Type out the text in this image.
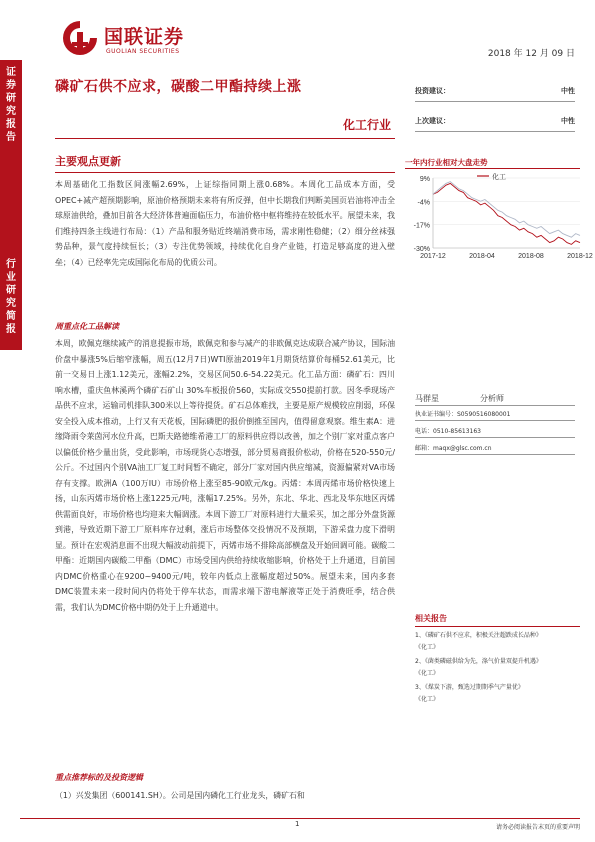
国联证券
GUOLIAN SECURITIES	2018 年 12 月 09 日
证券研究报告
行业研究简报
磷矿石供不应求，碳酸二甲酯持续上涨
化工行业
投资建议：	中性
上次建议：	中性
主要观点更新
本周基础化工指数区间涨幅2.69%，上证综指同期上涨0.68%。本周化工品成本方面，受OPEC+减产超预期影响，原油价格预期未来将有所反弹，但中长期我们判断美国页岩油将冲击全球原油供给，叠加目前各大经济体普遍面临压力，布油价格中枢将维持在较低水平。展望未来，我们维持四条主线进行布局：（1）产品和服务贴近终端消费市场，需求刚性稳健；（2）细分丝袜强势品种，景气度持续恒长；（3）专注优势领域，持续优化自身产业链，打造足够高度的进入壁垒；（4）已经率先完成国际化布局的优质公司。
周重点化工品解读
本周，欧佩克继续减产的消息提振市场，欧佩克和参与减产的非欧佩克达成联合减产协议，国际油价盘中暴涨5%后缩窄涨幅，周五(12月7日)WTI原油2019年1月期货结算价每桶52.61美元，比前一交易日上涨1.12美元，涨幅2.2%，交易区间50.6-54.22美元。化工品方面：磷矿石：四川响水槽，重庆鱼林溪两个磷矿石矿山 30%车板报价560，实际成交550提前打款。因冬季现场产品供不应求，运输司机排队300米以上等待提货。矿石总体难找，主要是原产规模较应削弱，环保安全投入成本推动，上行又有天花板，国际磷肥的报价倒推至国内，值得留意观察。维生素A：进缘降雨令莱茵河水位升高，巴斯夫路德维希港工厂的原料供应得以改善，加之个别厂家对重点客户以偏低价格少量出货，受此影响，市场现货心态增强，部分贸易商报价松动，价格在520-550元/公斤。不过国内个别VA油工厂复工时间暂不确定，部分厂家对国内供应缩减，资源偏紧对VA市场存有支撑。欧洲A（100万IU）市场价格上涨至85-90欧元/kg。丙烯：本周丙烯市场价格快速上扬，山东丙烯市场价格上涨1225元/吨，涨幅17.25%。另外，东北、华北、西北及华东地区丙烯供需面良好，市场价格也均迎来大幅调涨。本周下游工厂对原料进行大量采买，加之部分外盘货源到港，导致近期下游工厂原料库存过剩，涨后市场整体交投情况不及预期，下游采盘力度下滑明显。预计在宏观消息面不出现大幅波动前提下，丙烯市场不排除高部横盘及开始回调可能。碳酸二甲酯：近期国内碳酸二甲酯（DMC）市场受国内供给持续收缩影响，价格处于上升通道，目前国内DMC价格重心在9200~9400元/吨，较年内低点上涨幅度超过50%。展望未来，国内多套DMC装置未来一段时间内仍将处于停车状态，而需求端下游电解液等正处于消费旺季，结合供需，我们认为DMC价格中期仍处于上升通道中。
重点推荐标的及投资逻辑
（1）兴发集团（600141.SH）。公司是国内磷化工行业龙头，磷矿石和
一年内行业相对大盘走势
9%
-4%
-17%
-30%
2017-12	2018-04	2018-08	2018-12
化工
马群星	分析师
执业证书编号：S0590516080001
电话：0510-85613163
邮箱：maqx@glsc.com.cn
相关报告
1、《磷矿石供不应求，积极关注超跌成长品种》
《化工》
2、《菌类磷磁供给为先，涤气价量双提升机遇》
《化工》
3、《煤炭下游，甄选过期期季气产量优》
《化工》
1	请务必阅读报告末页的重要声明
